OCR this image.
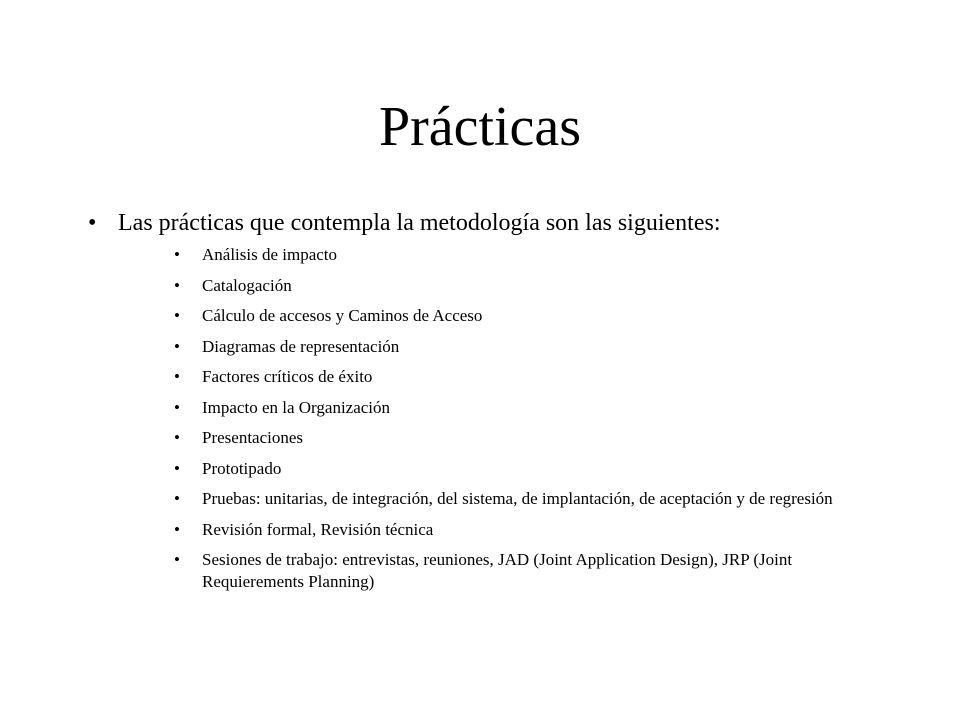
Prácticas
• Las prácticas que contempla la metodología son las siguientes:
•	Análisis de impacto
•	Catalogación
•	Cálculo de accesos y Caminos de Acceso
•	Diagramas de representación
•	Factores críticos de éxito
•	Impacto en la Organización
•	Presentaciones
•	Prototipado
•	Pruebas: unitarias, de integración, del sistema, de implantación, de aceptación y de regresión
•	Revisión formal, Revisión técnica
•	Sesiones de trabajo: entrevistas, reuniones, JAD (Joint Application Design), JRP (Joint Requierements Planning)
